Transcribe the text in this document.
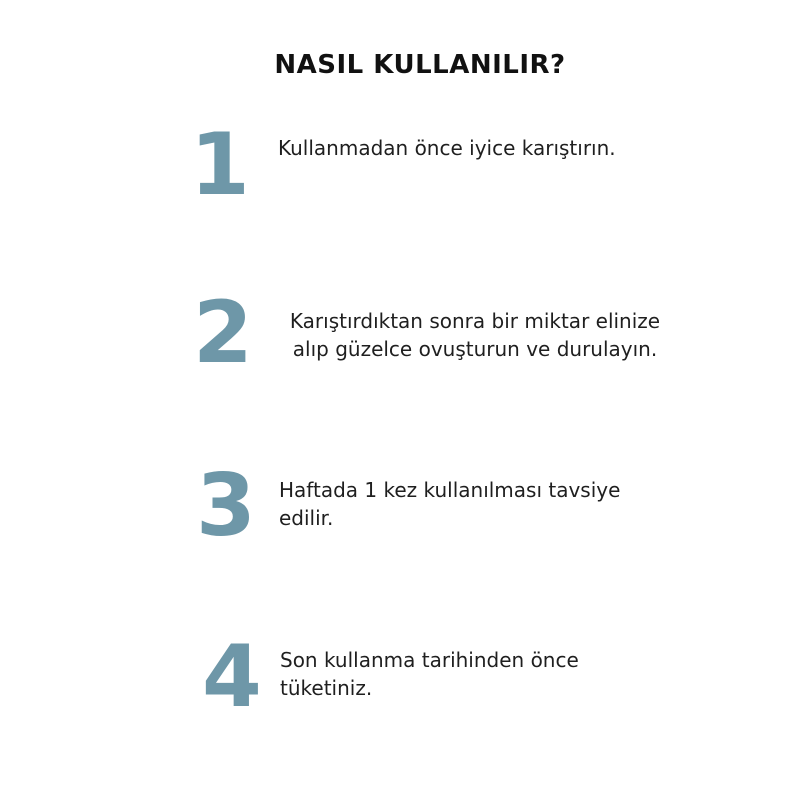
NASIL KULLANILIR?
1 Kullanmadan önce iyice karıştırın.
2	Karıştırdıktan sonra bir miktar elinize
alıp güzelce ovuşturun ve durulayın.
3 Haftada 1 kez kullanılması tavsiye
edilir.
4 Son kullanma tarihinden önce
tüketiniz.
